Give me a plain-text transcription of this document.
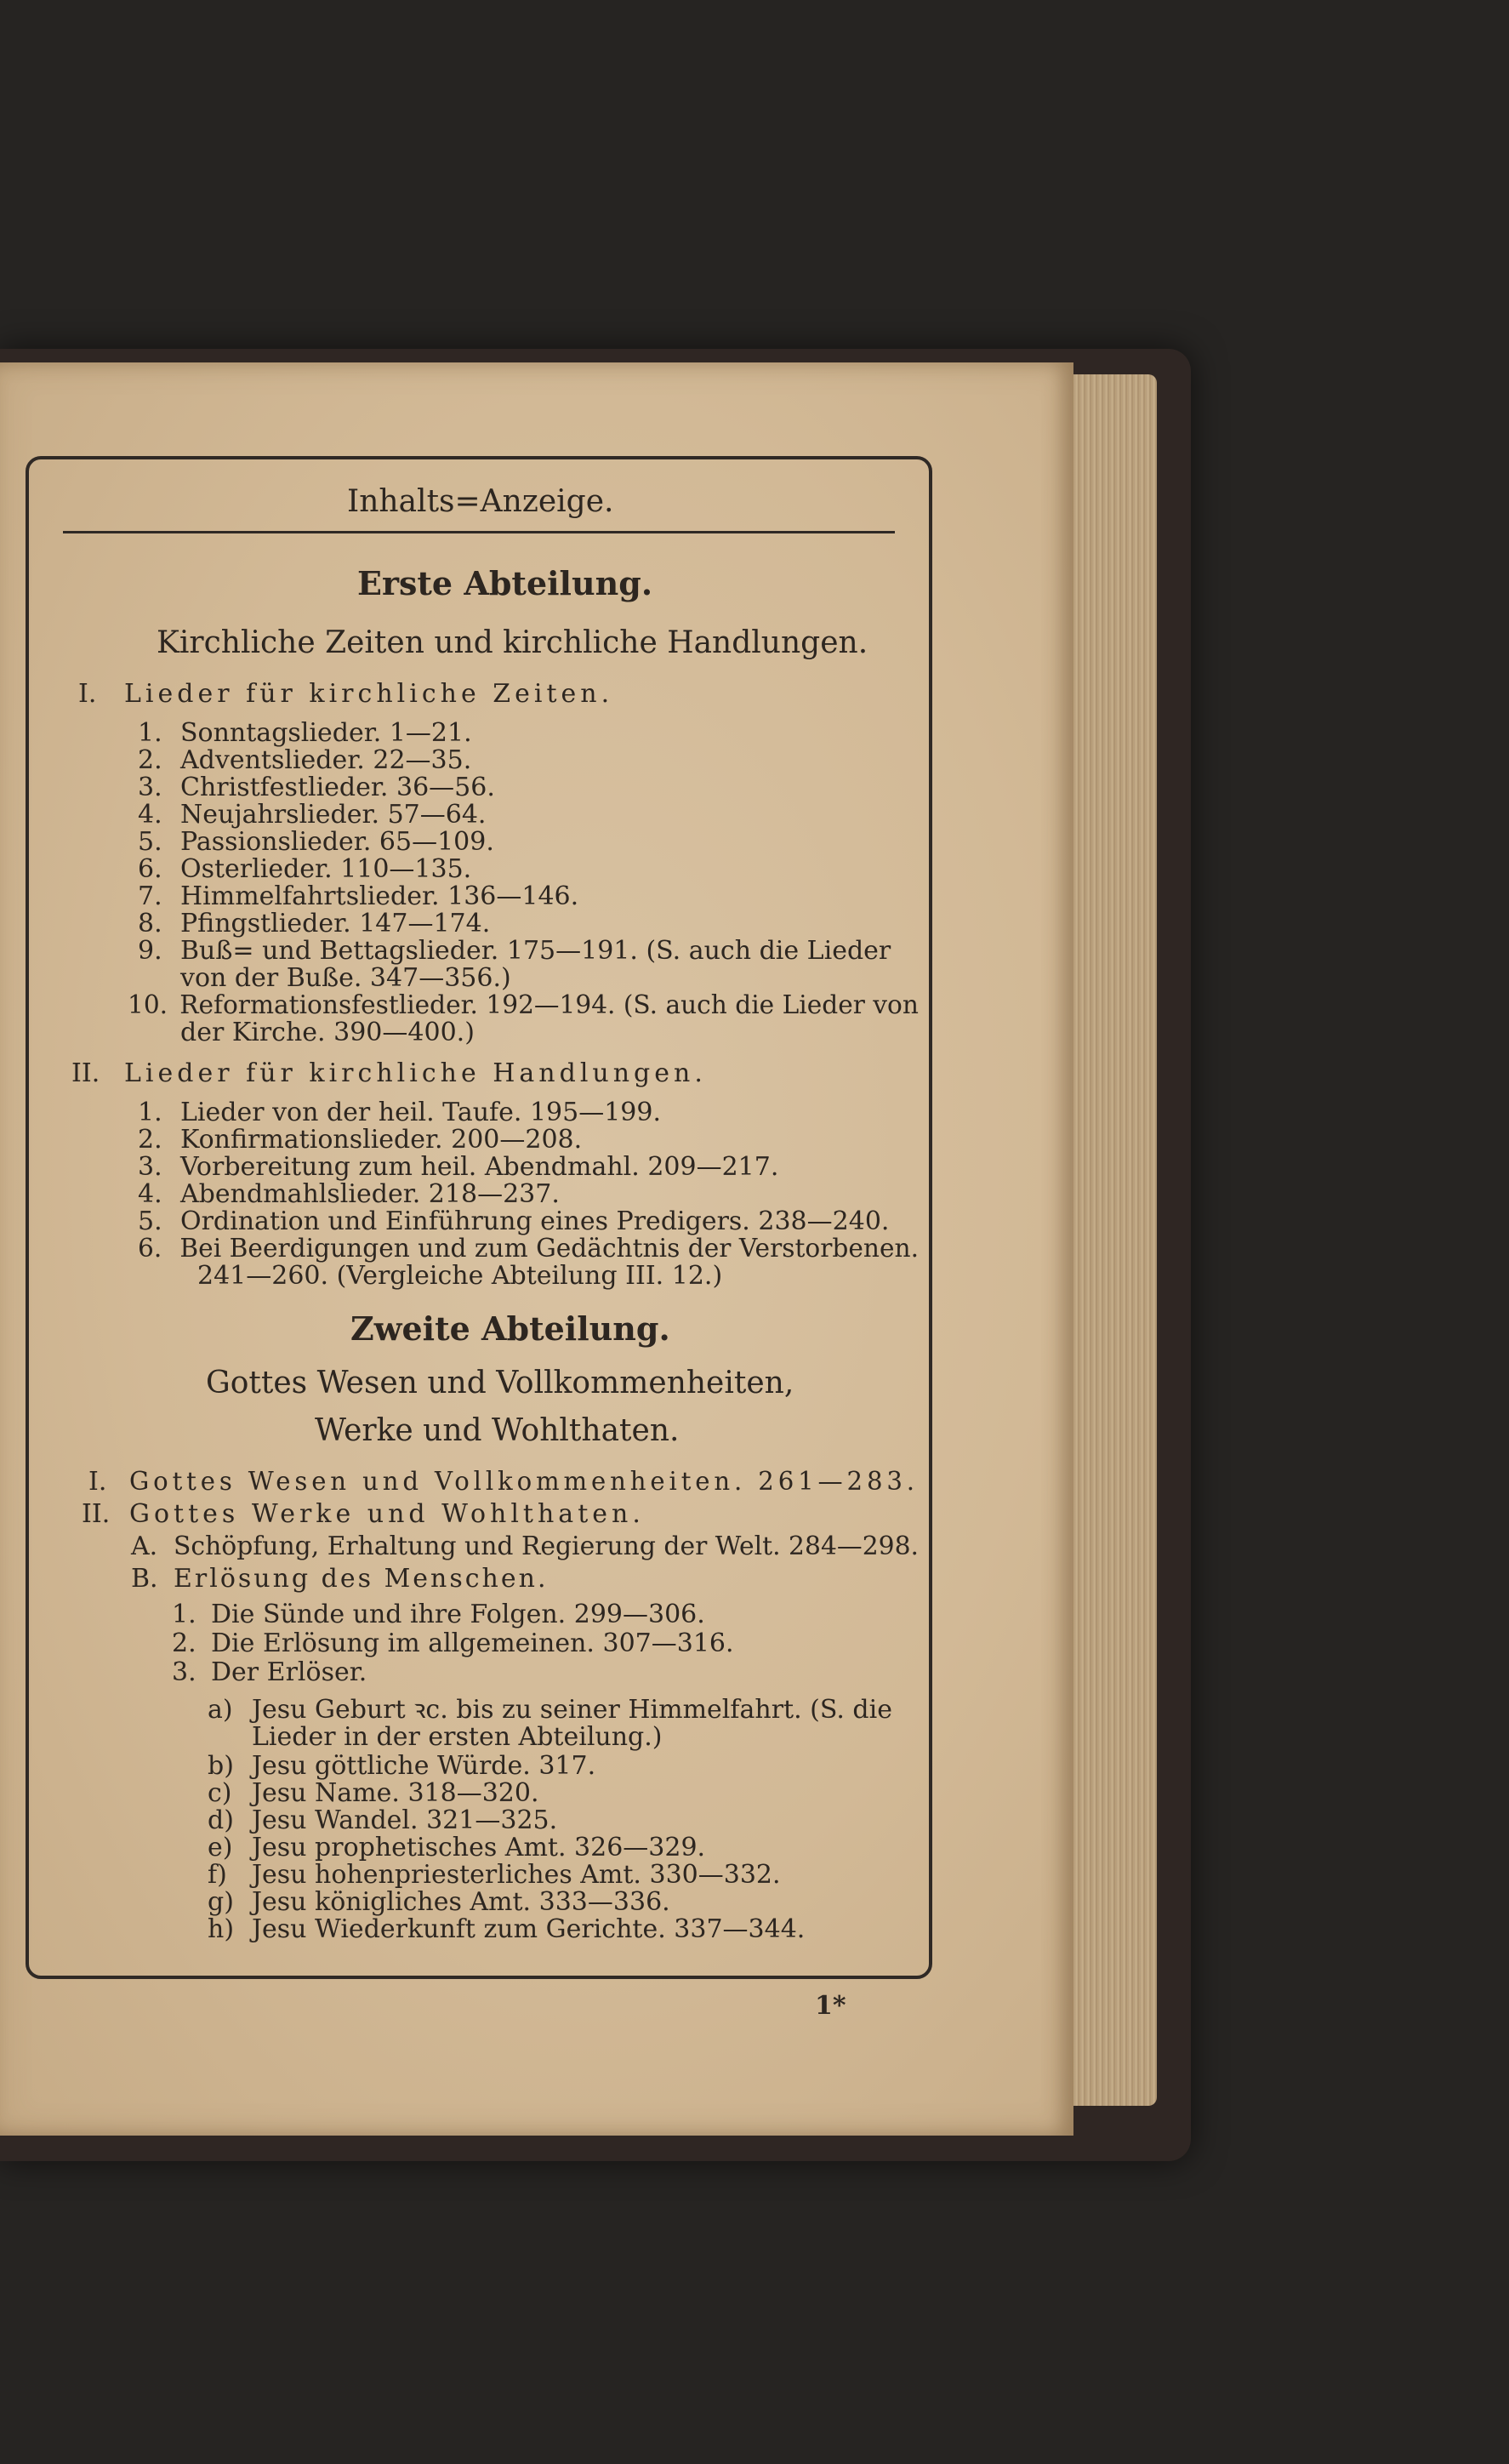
Inhalts=Anzeige.
Erste Abteilung.
Kirchliche Zeiten und kirchliche Handlungen.
I. Lieder für kirchliche Zeiten.
1. Sonntagslieder. 1—21.
2. Adventslieder. 22—35.
3. Christfestlieder. 36—56.
4. Neujahrslieder. 57—64.
5. Passionslieder. 65—109.
6. Osterlieder. 110—135.
7. Himmelfahrtslieder. 136—146.
8. Pfingstlieder. 147—174.
9. Buß= und Bettagslieder. 175—191. (S. auch die Lieder
von der Buße. 347—356.)
10. Reformationsfestlieder. 192—194. (S. auch die Lieder von
der Kirche. 390—400.)
II. Lieder für kirchliche Handlungen.
1. Lieder von der heil. Taufe. 195—199.
2. Konfirmationslieder. 200—208.
3. Vorbereitung zum heil. Abendmahl. 209—217.
4. Abendmahlslieder. 218—237.
5. Ordination und Einführung eines Predigers. 238—240.
6. Bei Beerdigungen und zum Gedächtnis der Verstorbenen.
241—260. (Vergleiche Abteilung III. 12.)
Zweite Abteilung.
Gottes Wesen und Vollkommenheiten,
Werke und Wohlthaten.
I. Gottes Wesen und Vollkommenheiten. 261—283.
II. Gottes Werke und Wohlthaten.
A. Schöpfung, Erhaltung und Regierung der Welt. 284—298.
B. Erlösung des Menschen.
1. Die Sünde und ihre Folgen. 299—306.
2. Die Erlösung im allgemeinen. 307—316.
3. Der Erlöser.
a) Jesu Geburt ꝛc. bis zu seiner Himmelfahrt. (S. die
Lieder in der ersten Abteilung.)
b) Jesu göttliche Würde. 317.
c) Jesu Name. 318—320.
d) Jesu Wandel. 321—325.
e) Jesu prophetisches Amt. 326—329.
f) Jesu hohenpriesterliches Amt. 330—332.
g) Jesu königliches Amt. 333—336.
h) Jesu Wiederkunft zum Gerichte. 337—344.
1*
